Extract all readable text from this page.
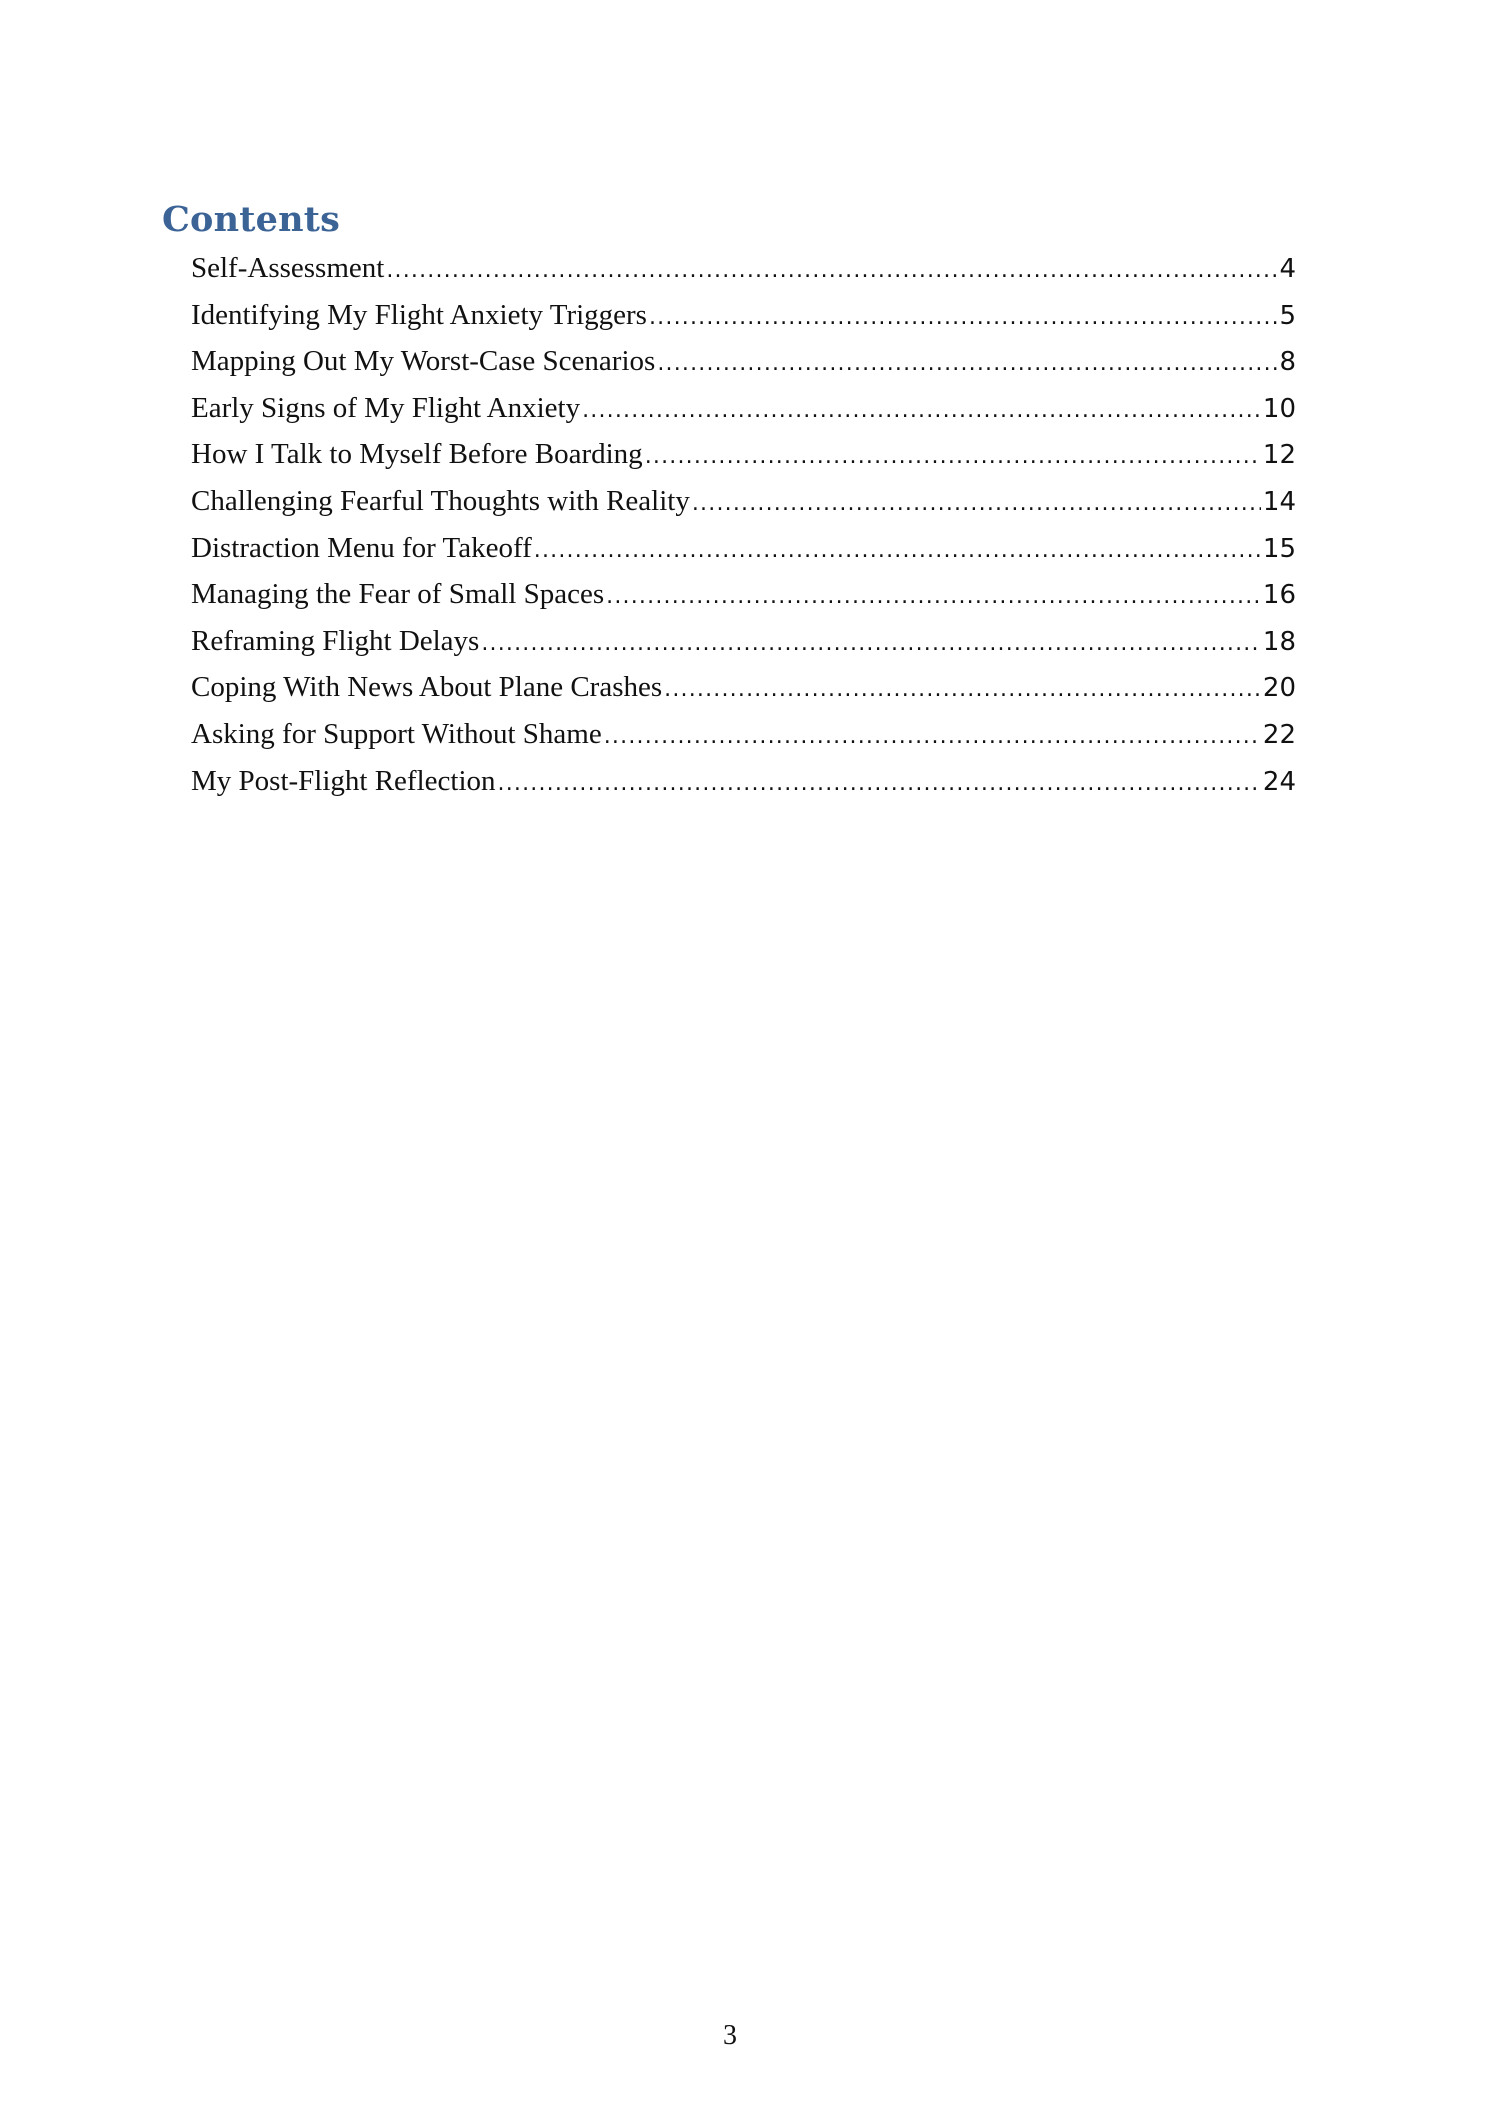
Contents
Self-Assessment .....	4
Identifying My Flight Anxiety Triggers .....	5
Mapping Out My Worst-Case Scenarios .....	8
Early Signs of My Flight Anxiety .....	10
How I Talk to Myself Before Boarding .....	12
Challenging Fearful Thoughts with Reality .....	14
Distraction Menu for Takeoff .....	15
Managing the Fear of Small Spaces .....	16
Reframing Flight Delays .....	18
Coping With News About Plane Crashes .....	20
Asking for Support Without Shame .....	22
My Post-Flight Reflection .....	24
3
